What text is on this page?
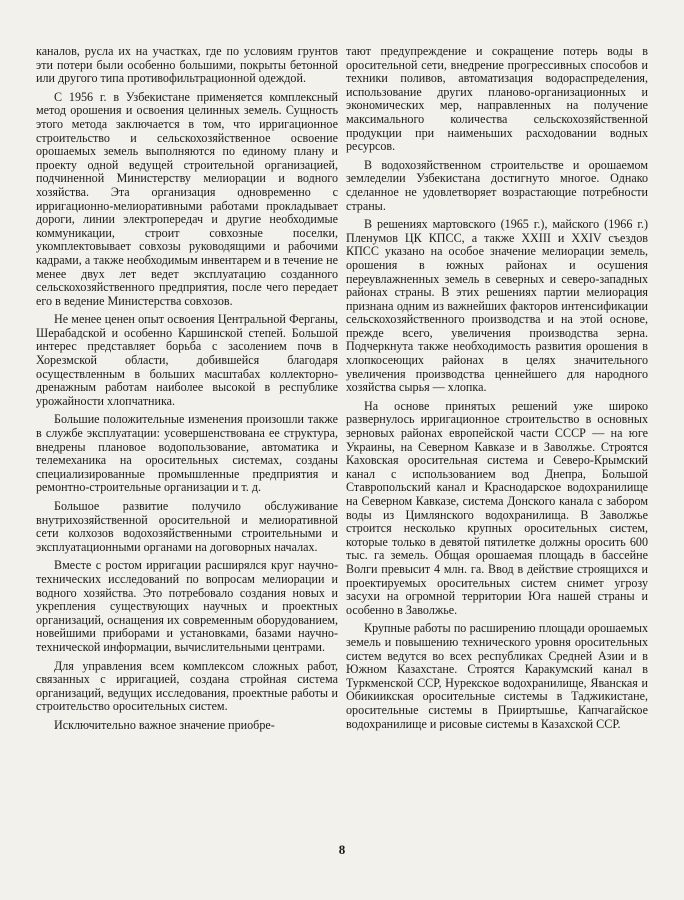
каналов, русла их на участках, где по условиям грунтов эти потери были особенно большими, покрыты бетонной или другого типа противофильтрационной одеждой.

С 1956 г. в Узбекистане применяется комплексный метод орошения и освоения целинных земель. Сущность этого метода заключается в том, что ирригационное строительство и сельскохозяйственное освоение орошаемых земель выполняются по единому плану и проекту одной ведущей строительной организацией, подчиненной Министерству мелиорации и водного хозяйства. Эта организация одновременно с ирригационно-мелиоративными работами прокладывает дороги, линии электропередач и другие необходимые коммуникации, строит совхозные поселки, укомплектовывает совхозы руководящими и рабочими кадрами, а также необходимым инвентарем и в течение не менее двух лет ведет эксплуатацию созданного сельскохозяйственного предприятия, после чего передает его в ведение Министерства совхозов.

Не менее ценен опыт освоения Центральной Ферганы, Шерабадской и особенно Каршинской степей. Большой интерес представляет борьба с засолением почв в Хорезмской области, добившейся благодаря осуществленным в больших масштабах коллекторно-дренажным работам наиболее высокой в республике урожайности хлопчатника.

Большие положительные изменения произошли также в службе эксплуатации: усовершенствована ее структура, внедрены плановое водопользование, автоматика и телемеханика на оросительных системах, созданы специализированные промышленные предприятия и ремонтно-строительные организации и т. д.

Большое развитие получило обслуживание внутрихозяйственной оросительной и мелиоративной сети колхозов водохозяйственными строительными и эксплуатационными органами на договорных началах.

Вместе с ростом ирригации расширялся круг научно-технических исследований по вопросам мелиорации и водного хозяйства. Это потребовало создания новых и укрепления существующих научных и проектных организаций, оснащения их современным оборудованием, новейшими приборами и установками, базами научно-технической информации, вычислительными центрами.

Для управления всем комплексом сложных работ, связанных с ирригацией, создана стройная система организаций, ведущих исследования, проектные работы и строительство оросительных систем.

Исключительно важное значение приобре-

тают предупреждение и сокращение потерь воды в оросительной сети, внедрение прогрессивных способов и техники поливов, автоматизация водораспределения, использование других планово-организационных и экономических мер, направленных на получение максимального количества сельскохозяйственной продукции при наименьших расходовании водных ресурсов.

В водохозяйственном строительстве и орошаемом земледелии Узбекистана достигнуто многое. Однако сделанное не удовлетворяет возрастающие потребности страны.

В решениях мартовского (1965 г.), майского (1966 г.) Пленумов ЦК КПСС, а также XXIII и XXIV съездов КПСС указано на особое значение мелиорации земель, орошения в южных районах и осушения переувлажненных земель в северных и северо-западных районах страны. В этих решениях партии мелиорация признана одним из важнейших факторов интенсификации сельскохозяйственного производства и на этой основе, прежде всего, увеличения производства зерна. Подчеркнута также необходимость развития орошения в хлопкосеющих районах в целях значительного увеличения производства ценнейшего для народного хозяйства сырья — хлопка.

На основе принятых решений уже широко развернулось ирригационное строительство в основных зерновых районах европейской части СССР — на юге Украины, на Северном Кавказе и в Заволжье. Строятся Каховская оросительная система и Северо-Крымский канал с использованием вод Днепра, Большой Ставропольский канал и Краснодарское водохранилище на Северном Кавказе, система Донского канала с забором воды из Цимлянского водохранилища. В Заволжье строится несколько крупных оросительных систем, которые только в девятой пятилетке должны оросить 600 тыс. га земель. Общая орошаемая площадь в бассейне Волги превысит 4 млн. га. Ввод в действие строящихся и проектируемых оросительных систем снимет угрозу засухи на огромной территории Юга нашей страны и особенно в Заволжье.

Крупные работы по расширению площади орошаемых земель и повышению технического уровня оросительных систем ведутся во всех республиках Средней Азии и в Южном Казахстане. Строятся Каракумский канал в Туркменской ССР, Нурекское водохранилище, Яванская и Обикиикская оросительные системы в Таджикистане, оросительные системы в Прииртышье, Капчагайское водохранилище и рисовые системы в Казахской ССР.

8
